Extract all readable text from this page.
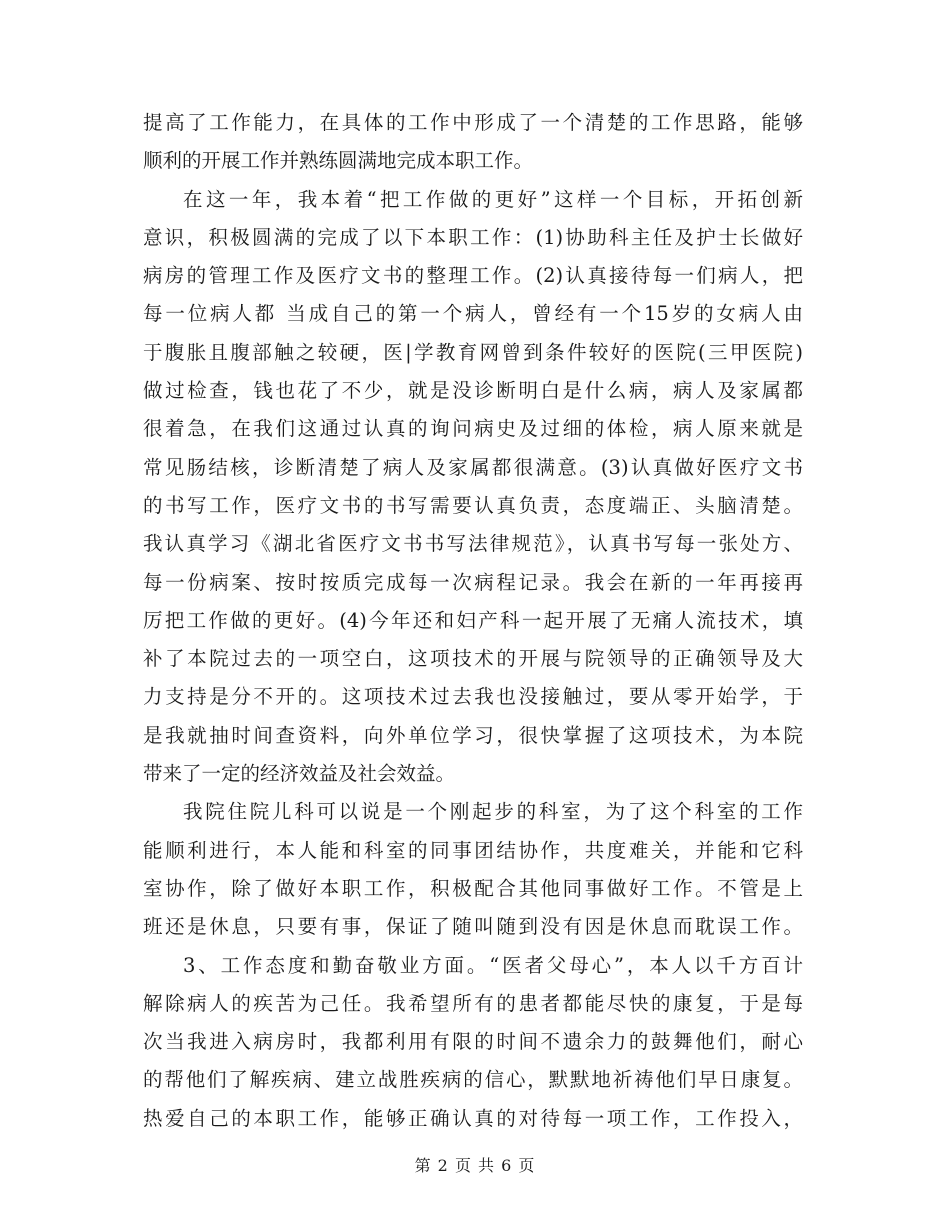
提高了工作能力，在具体的工作中形成了一个清楚的工作思路，能够
顺利的开展工作并熟练圆满地完成本职工作。
在这一年，我本着“把工作做的更好”这样一个目标，开拓创新
意识，积极圆满的完成了以下本职工作：(1)协助科主任及护士长做好
病房的管理工作及医疗文书的整理工作。(2)认真接待每一们病人，把
每一位病人都 当成自己的第一个病人，曾经有一个15岁的女病人由
于腹胀且腹部触之较硬，医|学教育网曾到条件较好的医院(三甲医院)
做过检查，钱也花了不少，就是没诊断明白是什么病，病人及家属都
很着急，在我们这通过认真的询问病史及过细的体检，病人原来就是
常见肠结核，诊断清楚了病人及家属都很满意。(3)认真做好医疗文书
的书写工作，医疗文书的书写需要认真负责，态度端正、头脑清楚。
我认真学习《湖北省医疗文书书写法律规范》，认真书写每一张处方、
每一份病案、按时按质完成每一次病程记录。我会在新的一年再接再
厉把工作做的更好。(4)今年还和妇产科一起开展了无痛人流技术，填
补了本院过去的一项空白，这项技术的开展与院领导的正确领导及大
力支持是分不开的。这项技术过去我也没接触过，要从零开始学，于
是我就抽时间查资料，向外单位学习，很快掌握了这项技术，为本院
带来了一定的经济效益及社会效益。
我院住院儿科可以说是一个刚起步的科室，为了这个科室的工作
能顺利进行，本人能和科室的同事团结协作，共度难关，并能和它科
室协作，除了做好本职工作，积极配合其他同事做好工作。不管是上
班还是休息，只要有事，保证了随叫随到没有因是休息而耽误工作。
3、工作态度和勤奋敬业方面。“医者父母心”，本人以千方百计
解除病人的疾苦为己任。我希望所有的患者都能尽快的康复，于是每
次当我进入病房时，我都利用有限的时间不遗余力的鼓舞他们，耐心
的帮他们了解疾病、建立战胜疾病的信心，默默地祈祷他们早日康复。
热爱自己的本职工作，能够正确认真的对待每一项工作，工作投入，
第 2 页 共 6 页
